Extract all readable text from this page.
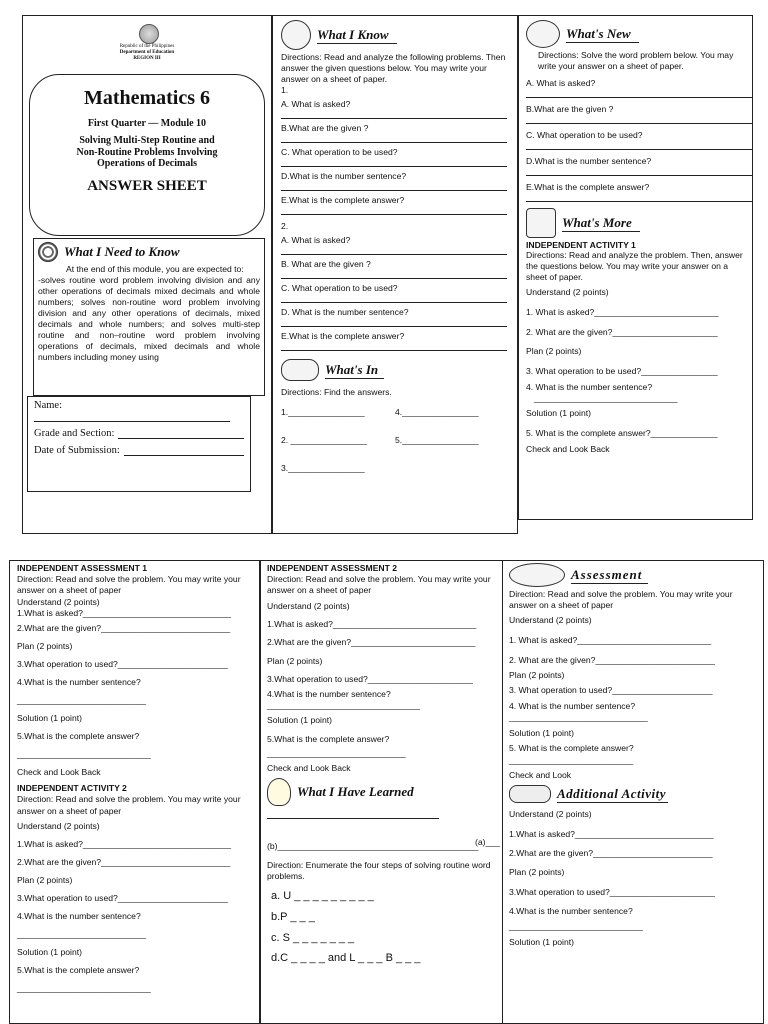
Republic of the Philippines
Department of Education
REGION III
Mathematics 6
First Quarter — Module 10
Solving Multi-Step Routine and
Non-Routine Problems Involving
Operations of Decimals
ANSWER SHEET
What I Need to Know
At the end of this module, you are expected to:
-solves routine word problem involving division and any other operations of decimals mixed decimals and whole numbers; solves non-routine word problem involving division and any other operations of decimals, mixed decimals and whole numbers; and solves multi-step routine and non–routine word problem involving operations of decimals, mixed decimals and whole numbers including money using
Name:
Grade and Section:
Date of Submission:
What I Know
Directions: Read and analyze the following problems. Then answer the given questions below. You may write your answer on a sheet of paper.
1.
A. What is asked?
B.What are the given ?
C. What operation to be used?
D.What is the number sentence?
E.What is the complete answer?
2.
A. What is asked?
B. What are the given ?
C. What operation to be used?
D. What is the number sentence?
E.What is the complete answer?
What's In
Directions: Find the answers.
1.________________	4.________________
2. ________________	5.________________
3.________________
What's New
Directions: Solve the word problem below. You may write your answer on a sheet of paper.
A. What is asked?
B.What are the given ?
C. What operation to be used?
D.What is the number sentence?
E.What is the complete answer?
What's More
INDEPENDENT ACTIVITY 1
Directions: Read and analyze the problem. Then, answer the questions below. You may write your answer on a sheet of paper.
Understand (2 points)
1. What is asked?__________________________
2. What are the given?______________________
Plan (2 points)
3. What operation to be used?________________
4. What is the number sentence?
______________________________
Solution (1 point)
5. What is the complete answer?______________
Check and Look Back
INDEPENDENT ASSESSMENT 1
Direction: Read and solve the problem. You may write your answer on a sheet of paper
Understand (2 points)
1.What is asked?_______________________________
2.What are the given?___________________________
Plan (2 points)
3.What operation to used?_______________________
4.What is the number sentence?
___________________________
Solution (1 point)
5.What is the complete answer?
____________________________
Check and Look Back
INDEPENDENT ACTIVITY 2
Direction: Read and solve the problem. You may write your answer on a sheet of paper
Understand (2 points)
1.What is asked?_______________________________
2.What are the given?___________________________
Plan (2 points)
3.What operation to used?_______________________
4.What is the number sentence?
___________________________
Solution (1 point)
5.What is the complete answer?
____________________________
INDEPENDENT ASSESSMENT 2
Direction: Read and solve the problem. You may write your answer on a sheet of paper
Understand (2 points)
1.What is asked?______________________________
2.What are the given?__________________________
Plan (2 points)
3.What operation to used?______________________
4.What is the number sentence?
________________________________
Solution (1 point)
5.What is the complete answer?
_____________________________
Check and Look Back
What I Have Learned
(a)___
(b)__________________________________________
Direction: Enumerate the four steps of solving routine word problems.
a. U _ _ _ _ _ _ _ _ _
b.P _ _ _
c. S _ _ _ _ _ _ _
d.C _ _ _ _ and L _ _ _ B _ _ _
Assessment
Direction: Read and solve the problem. You may write your answer on a sheet of paper
Understand (2 points)
1. What is asked?____________________________
2. What are the given?_________________________
Plan (2 points)
3. What operation to used?_____________________
4. What is the number sentence?
_____________________________
Solution (1 point)
5. What is the complete answer?
__________________________
Check and Look
Additional Activity
Understand (2 points)
1.What is asked?_____________________________
2.What are the given?_________________________
Plan (2 points)
3.What operation to used?______________________
4.What is the number sentence?
____________________________
Solution (1 point)
